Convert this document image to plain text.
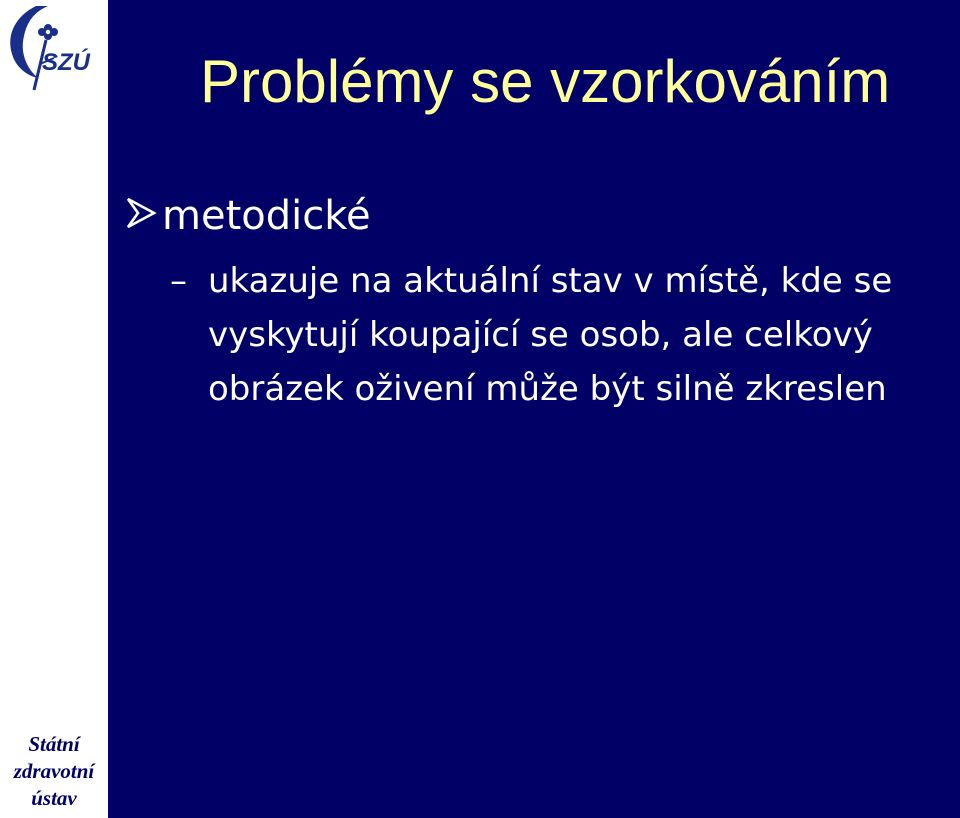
SZÚ
Státní
zdravotní
ústav
Problémy se vzorkováním
metodické
– ukazuje na aktuální stav v místě, kde se
vyskytují koupající se osob, ale celkový
obrázek oživení může být silně zkreslen
